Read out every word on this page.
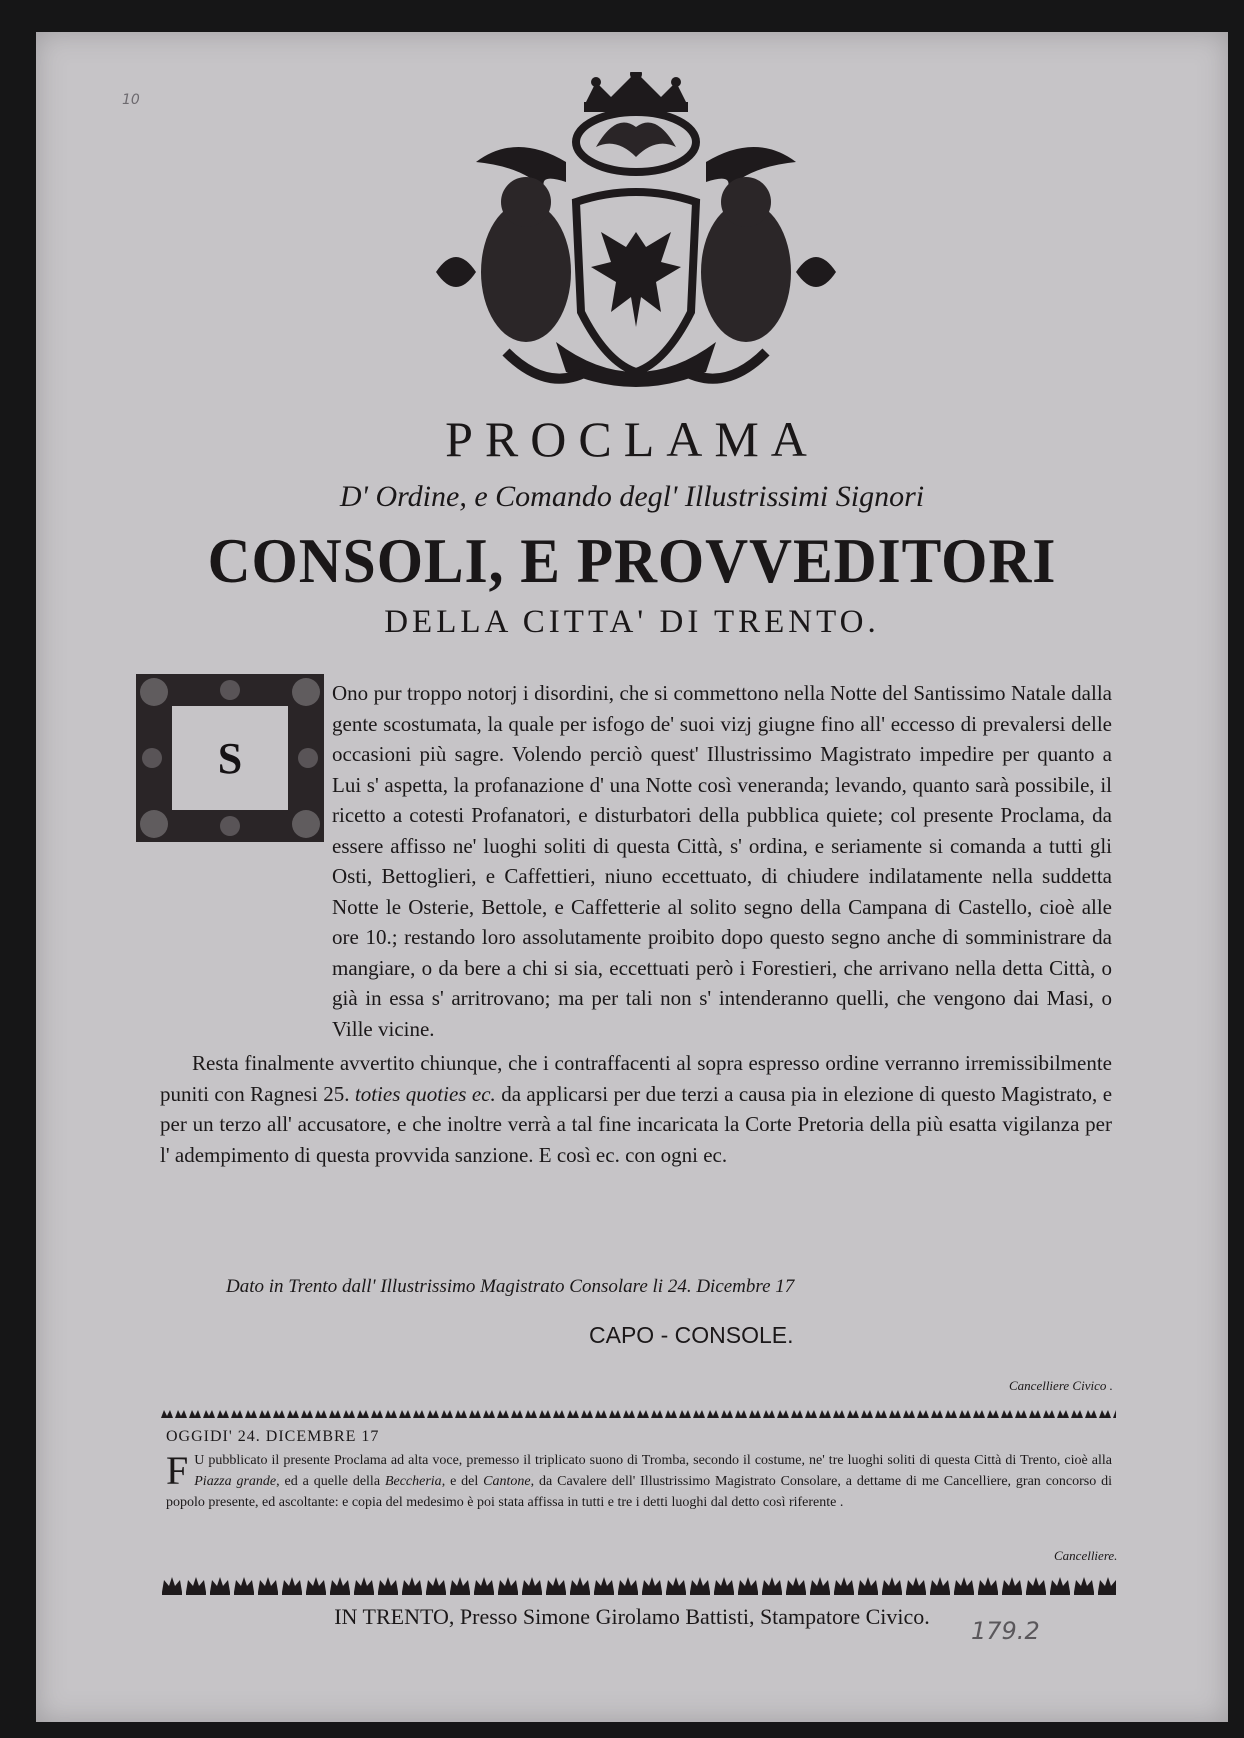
10
PROCLAMA
D' Ordine, e Comando degl' Illustrissimi Signori
CONSOLI, E PROVVEDITORI
DELLA CITTA' DI TRENTO.
S

Ono pur troppo notorj i disordini, che si commettono nella Notte del Santissimo Natale dalla gente scostumata, la quale per isfogo de' suoi vizj giugne fino all' eccesso di prevalersi delle occasioni più sagre. Volendo perciò quest' Illustrissimo Magistrato impedire per quanto a Lui s' aspetta, la profanazione d' una Notte così veneranda; levando, quanto sarà possibile, il ricetto a cotesti Profanatori, e disturbatori della pubblica quiete; col presente Proclama, da essere affisso ne' luoghi soliti di questa Città, s' ordina, e seriamente si comanda a tutti gli Osti, Bettoglieri, e Caffettieri, niuno eccettuato, di chiudere indilatamente nella suddetta Notte le Osterie, Bettole, e Caffetterie al solito segno della Campana di Castello, cioè alle ore 10.; restando loro assolutamente proibito dopo questo segno anche di somministrare da mangiare, o da bere a chi si sia, eccettuati però i Forestieri, che arrivano nella detta Città, o già in essa s' arritrovano; ma per tali non s' intenderanno quelli, che vengono dai Masi, o Ville vicine.

Resta finalmente avvertito chiunque, che i contraffacenti al sopra espresso ordine verranno irremissibilmente puniti con Ragnesi 25. toties quoties ec. da applicarsi per due terzi a causa pia in elezione di questo Magistrato, e per un terzo all' accusatore, e che inoltre verrà a tal fine incaricata la Corte Pretoria della più esatta vigilanza per l' adempimento di questa provvida sanzione. E così ec. con ogni ec.

Dato in Trento dall' Illustrissimo Magistrato Consolare li 24. Dicembre 17
CAPO - CONSOLE.
Cancelliere Civico .
OGGIDI' 24. DICEMBRE 17
F U pubblicato il presente Proclama ad alta voce, premesso il triplicato suono di Tromba, secondo il costume, ne' tre luoghi soliti di questa Città di Trento, cioè alla Piazza grande, ed a quelle della Beccheria, e del Cantone, da Cavalere dell' Illustrissimo Magistrato Consolare, a dettame di me Cancelliere, gran concorso di popolo presente, ed ascoltante: e copia del medesimo è poi stata affissa in tutti e tre i detti luoghi dal detto così riferente .
Cancelliere.
IN TRENTO, Presso Simone Girolamo Battisti, Stampatore Civico.
179.2
